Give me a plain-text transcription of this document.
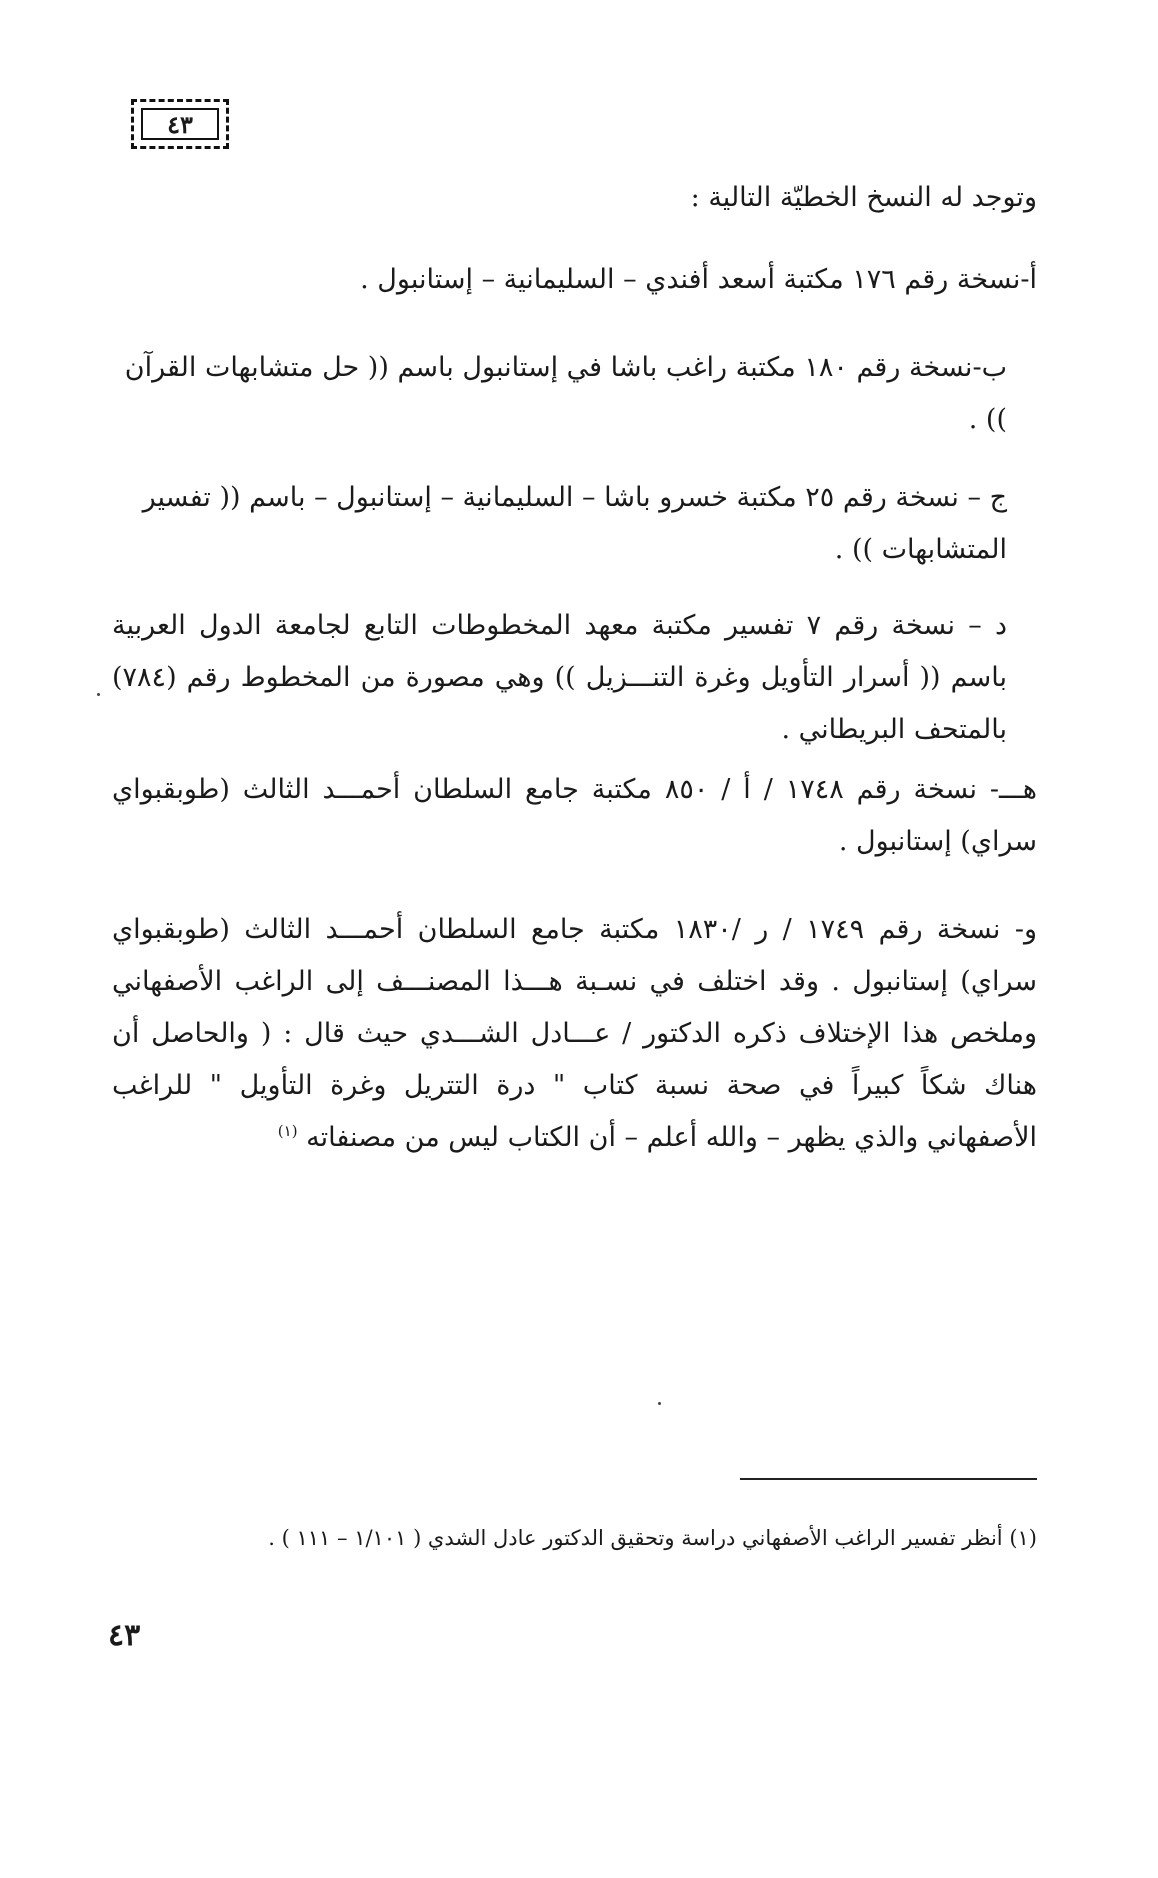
٤٣

وتوجد له النسخ الخطيّة التالية :

أ-نسخة رقم ١٧٦ مكتبة أسعد أفندي – السليمانية – إستانبول .

ب-نسخة رقم ١٨٠ مكتبة راغب باشا في إستانبول باسم (( حل متشابهات القرآن )) .

ج – نسخة رقم ٢٥ مكتبة خسرو باشا – السليمانية – إستانبول – باسم (( تفسير المتشابهات )) .

د – نسخة رقم ٧ تفسير مكتبة معهد المخطوطات التابع لجامعة الدول العربية باسم (( أسرار التأويل وغرة التنـــزيل )) وهي مصورة من المخطوط رقم (٧٨٤) بالمتحف البريطاني .

هـــ- نسخة رقم ١٧٤٨ / أ / ٨٥٠ مكتبة جامع السلطان أحمـــد الثالث (طوبقبواي سراي) إستانبول .

و- نسخة رقم ١٧٤٩ / ر /١٨٣٠ مكتبة جامع السلطان أحمـــد الثالث (طوبقبواي سراي) إستانبول . وقد اختلف في نسـبة هـــذا المصنـــف إلى الراغب الأصفهاني وملخص هذا الإختلاف ذكره الدكتور / عـــادل الشـــدي حيث قال : ( والحاصل أن هناك شكاً كبيراً في صحة نسبة كتاب " درة التتريل وغرة التأويل " للراغب الأصفهاني والذي يظهر – والله أعلم – أن الكتاب ليس من مصنفاته $^{(١)}$

(١) أنظر تفسير الراغب الأصفهاني دراسة وتحقيق الدكتور عادل الشدي ( ١/١٠١ – ١١١ ) .

٤٣
